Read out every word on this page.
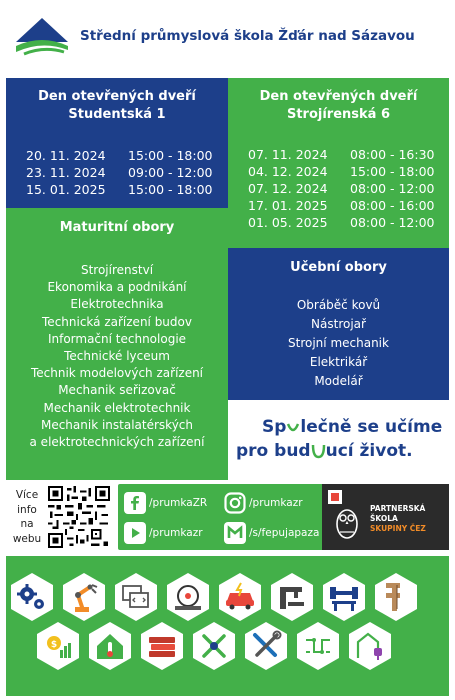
Střední průmyslová škola Žďár nad Sázavou
Den otevřených dveří
Studentská 1
20. 11. 2024	15:00 - 18:00
23. 11. 2024	09:00 - 12:00
15. 01. 2025	15:00 - 18:00
Den otevřených dveří
Strojírenská 6
07. 11. 2024	08:00 - 16:30
04. 12. 2024	15:00 - 18:00
07. 12. 2024	08:00 - 12:00
17. 01. 2025	08:00 - 16:00
01. 05. 2025	08:00 - 12:00
Maturitní obory
Strojírenství
Ekonomika a podnikání
Elektrotechnika
Technická zařízení budov
Informační technologie
Technické lyceum
Technik modelových zařízení
Mechanik seřizovač
Mechanik elektrotechnik
Mechanik instalatérských
a elektrotechnických zařízení
Učební obory
Obráběč kovů
Nástrojař
Strojní mechanik
Elektrikář
Modelář
Sp lečně se učíme
pro bud ucí život.
Více
info
na
webu
/prumkaZR	/prumkazr
/prumkazr	/s/fepujapaza
PARTNERSKÁ
ŠKOLA
SKUPINY ČEZ
$
